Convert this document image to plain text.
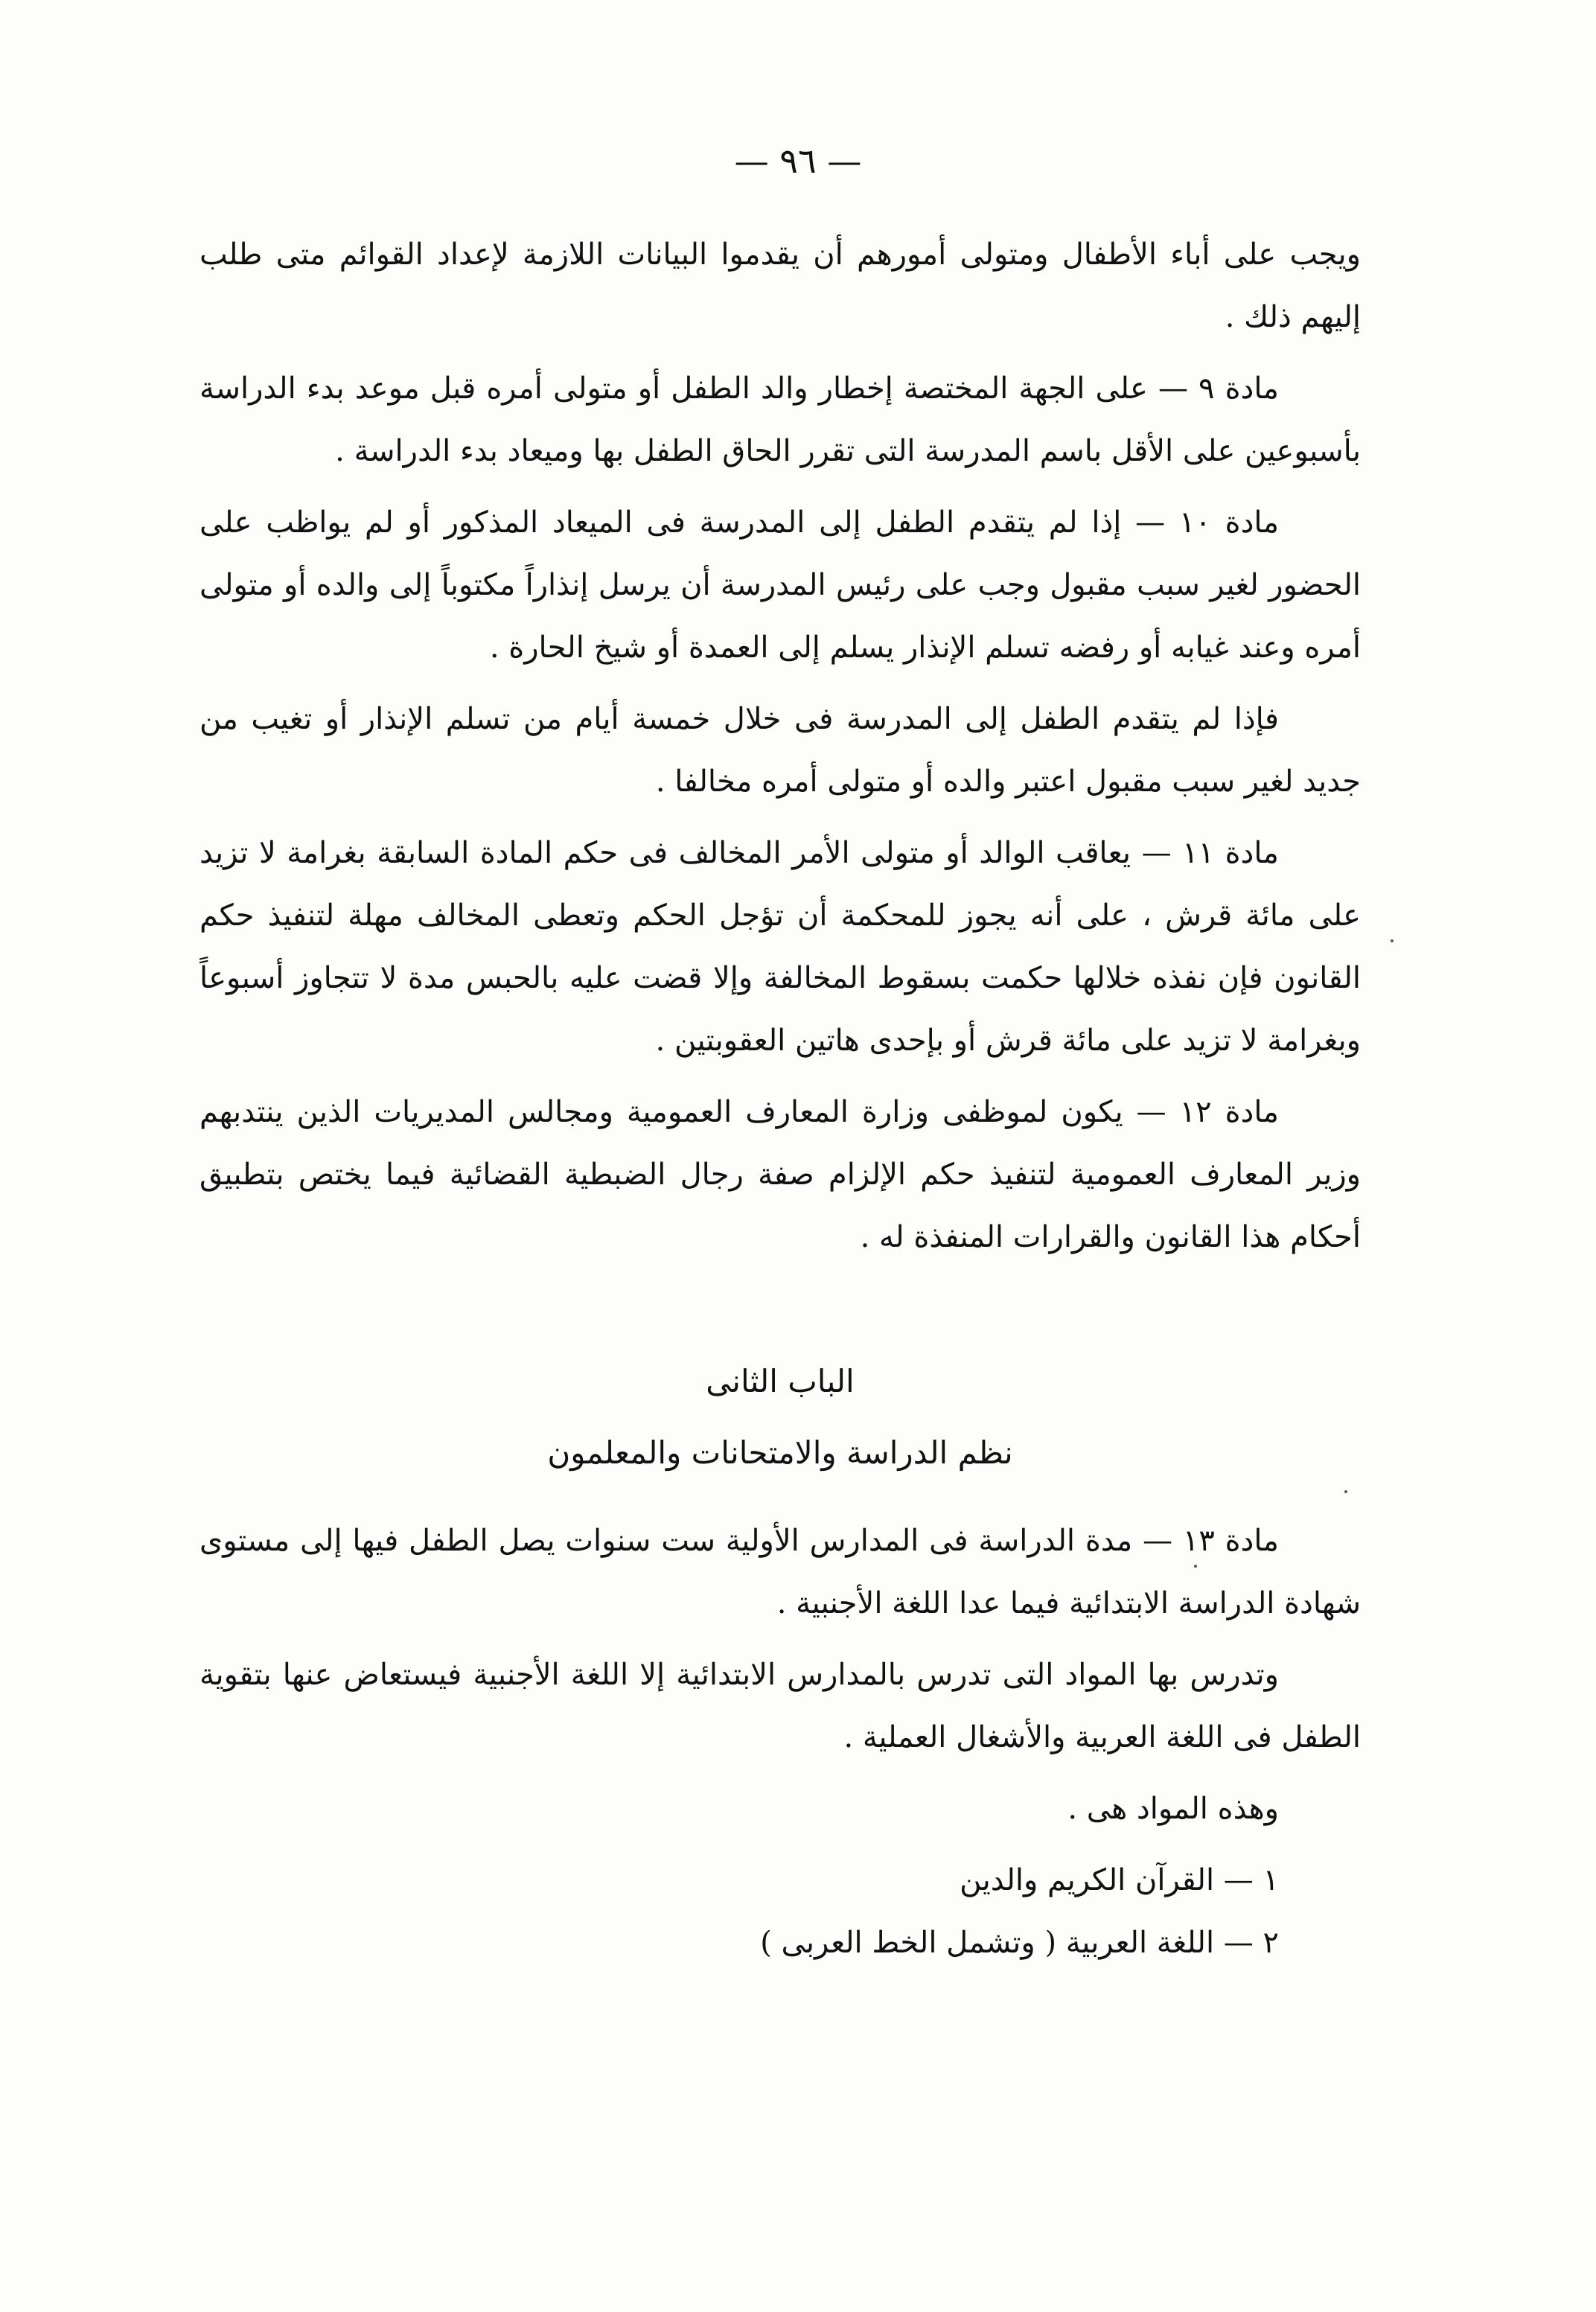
— ٩٦ —

ويجب على أباء الأطفال ومتولى أمورهم أن يقدموا البيانات اللازمة لإعداد القوائم متى طلب إليهم ذلك .

مادة ٩ — على الجهة المختصة إخطار والد الطفل أو متولى أمره قبل موعد بدء الدراسة بأسبوعين على الأقل باسم المدرسة التى تقرر الحاق الطفل بها وميعاد بدء الدراسة .

مادة ١٠ — إذا لم يتقدم الطفل إلى المدرسة فى الميعاد المذكور أو لم يواظب على الحضور لغير سبب مقبول وجب على رئيس المدرسة أن يرسل إنذاراً مكتوباً إلى والده أو متولى أمره وعند غيابه أو رفضه تسلم الإنذار يسلم إلى العمدة أو شيخ الحارة .

فإذا لم يتقدم الطفل إلى المدرسة فى خلال خمسة أيام من تسلم الإنذار أو تغيب من جديد لغير سبب مقبول اعتبر والده أو متولى أمره مخالفا .

مادة ١١ — يعاقب الوالد أو متولى الأمر المخالف فى حكم المادة السابقة بغرامة لا تزيد على مائة قرش ، على أنه يجوز للمحكمة أن تؤجل الحكم وتعطى المخالف مهلة لتنفيذ حكم القانون فإن نفذه خلالها حكمت بسقوط المخالفة وإلا قضت عليه بالحبس مدة لا تتجاوز أسبوعاً وبغرامة لا تزيد على مائة قرش أو بإحدى هاتين العقوبتين .

مادة ١٢ — يكون لموظفى وزارة المعارف العمومية ومجالس المديريات الذين ينتدبهم وزير المعارف العمومية لتنفيذ حكم الإلزام صفة رجال الضبطية القضائية فيما يختص بتطبيق أحكام هذا القانون والقرارات المنفذة له .

الباب الثانى

نظم الدراسة والامتحانات والمعلمون

مادة ١٣ — مدة الدراسة فى المدارس الأولية ست سنوات يصل الطفل فيها إلى مستوى شهادة الدراسة الابتدائية فيما عدا اللغة الأجنبية .

وتدرس بها المواد التى تدرس بالمدارس الابتدائية إلا اللغة الأجنبية فيستعاض عنها بتقوية الطفل فى اللغة العربية والأشغال العملية .

وهذه المواد هى .

١ — القرآن الكريم والدين
٢ — اللغة العربية ( وتشمل الخط العربى )
